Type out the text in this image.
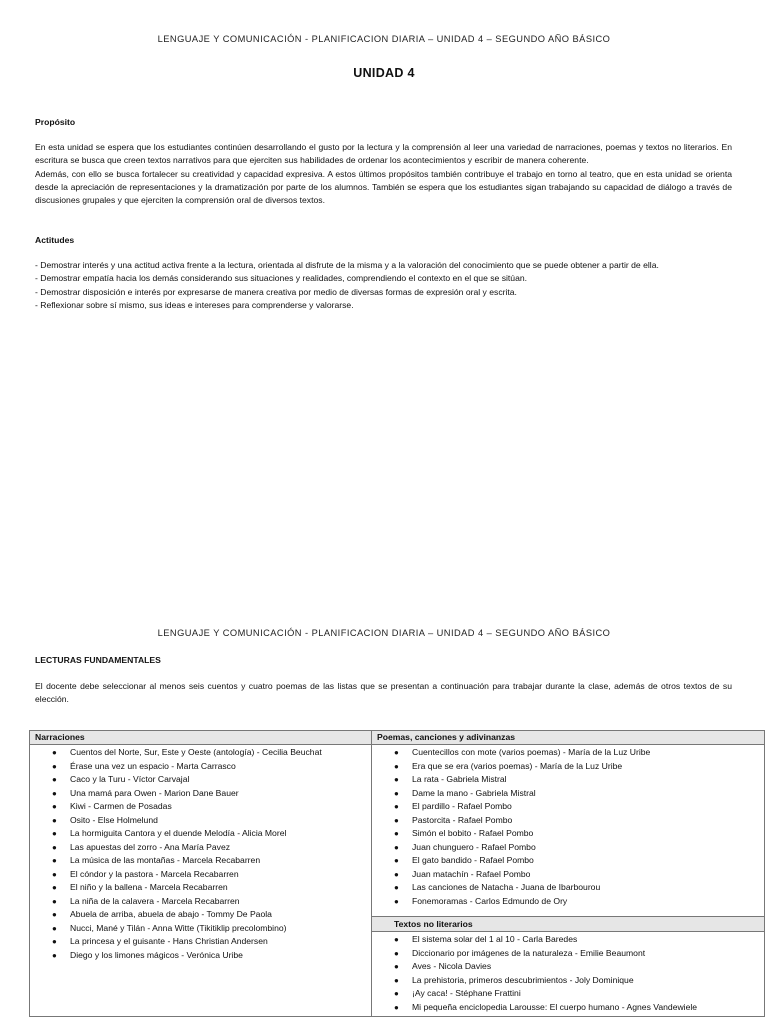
LENGUAJE Y COMUNICACIÓN - PLANIFICACION DIARIA – UNIDAD 4 – SEGUNDO AÑO BÁSICO
UNIDAD 4
Propósito

En esta unidad se espera que los estudiantes continúen desarrollando el gusto por la lectura y la comprensión al leer una variedad de narraciones, poemas y textos no literarios. En escritura se busca que creen textos narrativos para que ejerciten sus habilidades de ordenar los acontecimientos y escribir de manera coherente.
Además, con ello se busca fortalecer su creatividad y capacidad expresiva. A estos últimos propósitos también contribuye el trabajo en torno al teatro, que en esta unidad se orienta desde la apreciación de representaciones y la dramatización por parte de los alumnos. También se espera que los estudiantes sigan trabajando su capacidad de diálogo a través de discusiones grupales y que ejerciten la comprensión oral de diversos textos.

Actitudes

- Demostrar interés y una actitud activa frente a la lectura, orientada al disfrute de la misma y a la valoración del conocimiento que se puede obtener a partir de ella.
- Demostrar empatía hacia los demás considerando sus situaciones y realidades, comprendiendo el contexto en el que se sitúan.
- Demostrar disposición e interés por expresarse de manera creativa por medio de diversas formas de expresión oral y escrita.
- Reflexionar sobre sí mismo, sus ideas e intereses para comprenderse y valorarse.

LENGUAJE Y COMUNICACIÓN - PLANIFICACION DIARIA – UNIDAD 4 – SEGUNDO AÑO BÁSICO
LECTURAS FUNDAMENTALES

El docente debe seleccionar al menos seis cuentos y cuatro poemas de las listas que se presentan a continuación para trabajar durante la clase, además de otros textos de su elección.

Narraciones
● Cuentos del Norte, Sur, Este y Oeste (antología) - Cecilia Beuchat
● Érase una vez un espacio - Marta Carrasco
● Caco y la Turu - Víctor Carvajal
● Una mamá para Owen - Marion Dane Bauer
● Kiwi - Carmen de Posadas
● Osito - Else Holmelund
● La hormiguita Cantora y el duende Melodía - Alicia Morel
● Las apuestas del zorro - Ana María Pavez
● La música de las montañas - Marcela Recabarren
● El cóndor y la pastora - Marcela Recabarren
● El niño y la ballena - Marcela Recabarren
● La niña de la calavera - Marcela Recabarren
● Abuela de arriba, abuela de abajo - Tommy De Paola
● Nucci, Mané y Tilán - Anna Witte (Tikitiklip precolombino)
● La princesa y el guisante - Hans Christian Andersen
● Diego y los limones mágicos - Verónica Uribe

Poemas, canciones y adivinanzas
● Cuentecillos con mote (varios poemas) - María de la Luz Uribe
● Era que se era (varios poemas) - María de la Luz Uribe
● La rata - Gabriela Mistral
● Dame la mano - Gabriela Mistral
● El pardillo - Rafael Pombo
● Pastorcita - Rafael Pombo
● Simón el bobito - Rafael Pombo
● Juan chunguero - Rafael Pombo
● El gato bandido - Rafael Pombo
● Juan matachín - Rafael Pombo
● Las canciones de Natacha - Juana de Ibarbourou
● Fonemoramas - Carlos Edmundo de Ory
Textos no literarios
● El sistema solar del 1 al 10 - Carla Baredes
● Diccionario por imágenes de la naturaleza - Emilie Beaumont
● Aves - Nicola Davies
● La prehistoria, primeros descubrimientos - Joly Dominique
● ¡Ay caca! - Stéphane Frattini
● Mi pequeña enciclopedia Larousse: El cuerpo humano - Agnes Vandewiele
